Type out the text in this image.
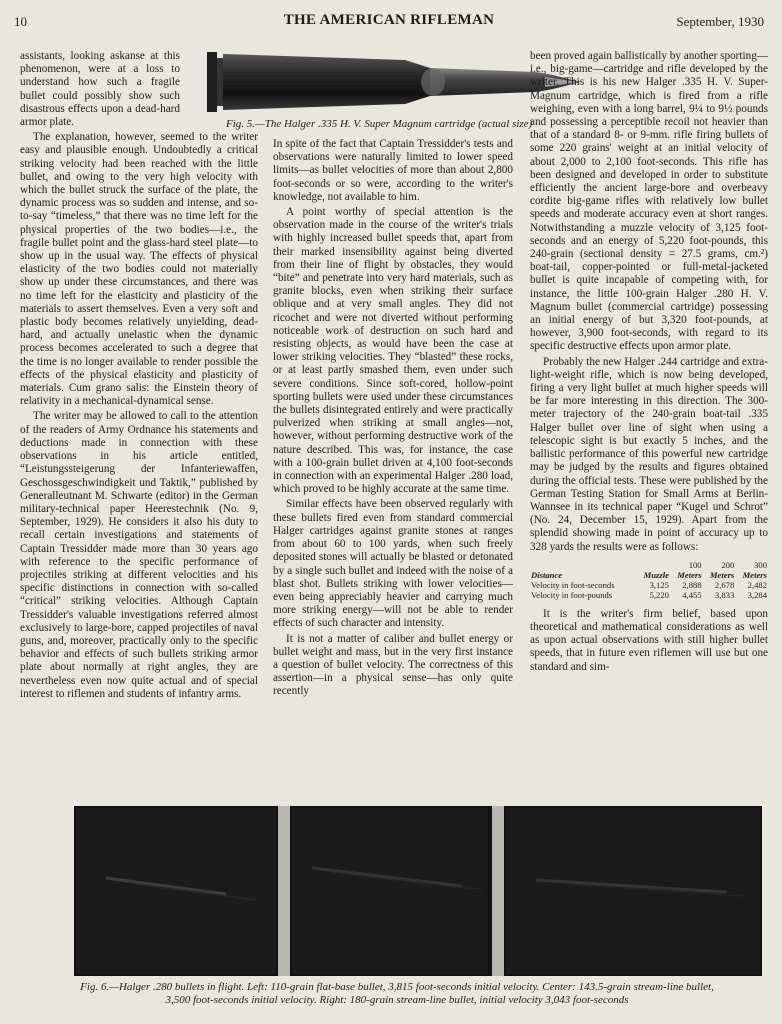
10	THE AMERICAN RIFLEMAN	September, 1930
Fig. 5.—The Halger .335 H. V. Super Magnum cartridge (actual size)

assistants, looking askanse at this phenomenon, were at a loss to understand how such a fragile bullet could possibly show such disastrous effects upon a dead-hard armor plate.

The explanation, however, seemed to the writer easy and plausible enough. Undoubtedly a critical striking velocity had been reached with the little bullet, and owing to the very high velocity with which the bullet struck the surface of the plate, the dynamic process was so sudden and intense, and so-to-say “timeless,” that there was no time left for the physical properties of the two bodies—i.e., the fragile bullet point and the glass-hard steel plate—to show up in the usual way. The effects of physical elasticity of the two bodies could not materially show up under these circumstances, and there was no time left for the elasticity and plasticity of the materials to assert themselves. Even a very soft and plastic body becomes relatively unyielding, dead-hard, and actually unelastic when the dynamic process becomes accelerated to such a degree that the time is no longer available to render possible the effects of the physical elasticity and plasticity of materials. Cum grano salis: the Einstein theory of relativity in a mechanical-dynamical sense.

The writer may be allowed to call to the attention of the readers of Army Ordnance his statements and deductions made in connection with these observations in his article entitled, “Leistungssteigerung der Infanteriewaffen, Geschossgeschwindigkeit und Taktik,” published by Generalleutnant M. Schwarte (editor) in the German military-technical paper Heerestechnik (No. 9, September, 1929). He considers it also his duty to recall certain investigations and statements of Captain Tressidder made more than 30 years ago with reference to the specific performance of projectiles striking at different velocities and his specific distinctions in connection with so-called “critical” striking velocities. Although Captain Tressidder's valuable investigations referred almost exclusively to large-bore, capped projectiles of naval guns, and, moreover, practically only to the specific behavior and effects of such bullets striking armor plate about normally at right angles, they are nevertheless even now quite actual and of special interest to riflemen and students of infantry arms.

In spite of the fact that Captain Tressidder's tests and observations were naturally limited to lower speed limits—as bullet velocities of more than about 2,800 foot-seconds or so were, according to the writer's knowledge, not available to him.

A point worthy of special attention is the observation made in the course of the writer's trials with highly increased bullet speeds that, apart from their marked insensibility against being diverted from their line of flight by obstacles, they would “bite” and penetrate into very hard materials, such as granite blocks, even when striking their surface oblique and at very small angles. They did not ricochet and were not diverted without performing noticeable work of destruction on such hard and resisting objects, as would have been the case at lower striking velocities. They “blasted” these rocks, or at least partly smashed them, even under such severe conditions. Since soft-cored, hollow-point sporting bullets were used under these circumstances the bullets disintegrated entirely and were practically pulverized when striking at small angles—not, however, without performing destructive work of the nature described. This was, for instance, the case with a 100-grain bullet driven at 4,100 foot-seconds in connection with an experimental Halger .280 load, which proved to be highly accurate at the same time.

Similar effects have been observed regularly with these bullets fired even from standard commercial Halger cartridges against granite stones at ranges from about 60 to 100 yards, when such freely deposited stones will actually be blasted or detonated by a single such bullet and indeed with the noise of a blast shot. Bullets striking with lower velocities—even being appreciably heavier and carrying much more striking energy—will not be able to render effects of such character and intensity.

It is not a matter of caliber and bullet energy or bullet weight and mass, but in the very first instance a question of bullet velocity. The correctness of this assertion—in a physical sense—has only quite recently

been proved again ballistically by another sporting—i.e., big-game—cartridge and rifle developed by the writer. This is his new Halger .335 H. V. Super-Magnum cartridge, which is fired from a rifle weighing, even with a long barrel, 9¼ to 9½ pounds and possessing a perceptible recoil not heavier than that of a standard 8- or 9-mm. rifle firing bullets of some 220 grains' weight at an initial velocity of about 2,000 to 2,100 foot-seconds. This rifle has been designed and developed in order to substitute efficiently the ancient large-bore and overbeavy cordite big-game rifles with relatively low bullet speeds and moderate accuracy even at short ranges. Notwithstanding a muzzle velocity of 3,125 foot-seconds and an energy of 5,220 foot-pounds, this 240-grain (sectional density = 27.5 grams, cm.²) boat-tail, copper-pointed or full-metal-jacketed bullet is quite incapable of competing with, for instance, the little 100-grain Halger .280 H. V. Magnum bullet (commercial cartridge) possessing an initial energy of but 3,320 foot-pounds, at however, 3,900 foot-seconds, with regard to its specific destructive effects upon armor plate.

Probably the new Halger .244 cartridge and extra-light-weight rifle, which is now being developed, firing a very light bullet at much higher speeds will be far more interesting in this direction. The 300-meter trajectory of the 240-grain boat-tail .335 Halger bullet over line of sight when using a telescopic sight is but exactly 5 inches, and the ballistic performance of this powerful new cartridge may be judged by the results and figures obtained during the official tests. These were published by the German Testing Station for Small Arms at Berlin-Wannsee in its technical paper “Kugel und Schrot” (No. 24, December 15, 1929). Apart from the splendid showing made in point of accuracy up to 328 yards the results were as follows:

		100	200	300
Distance	Muzzle	Meters	Meters	Meters
Velocity in foot-seconds	3,125	2,888	2,678	2,482
Velocity in foot-pounds	5,220	4,455	3,833	3,284

It is the writer's firm belief, based upon theoretical and mathematical considerations as well as upon actual observations with still higher bullet speeds, that in future even riflemen will use but one standard and sim-

Fig. 6.—Halger .280 bullets in flight. Left: 110-grain flat-base bullet, 3,815 foot-seconds initial velocity. Center: 143.5-grain stream-line bullet, 3,500 foot-seconds initial velocity. Right: 180-grain stream-line bullet, initial velocity 3,043 foot-seconds
